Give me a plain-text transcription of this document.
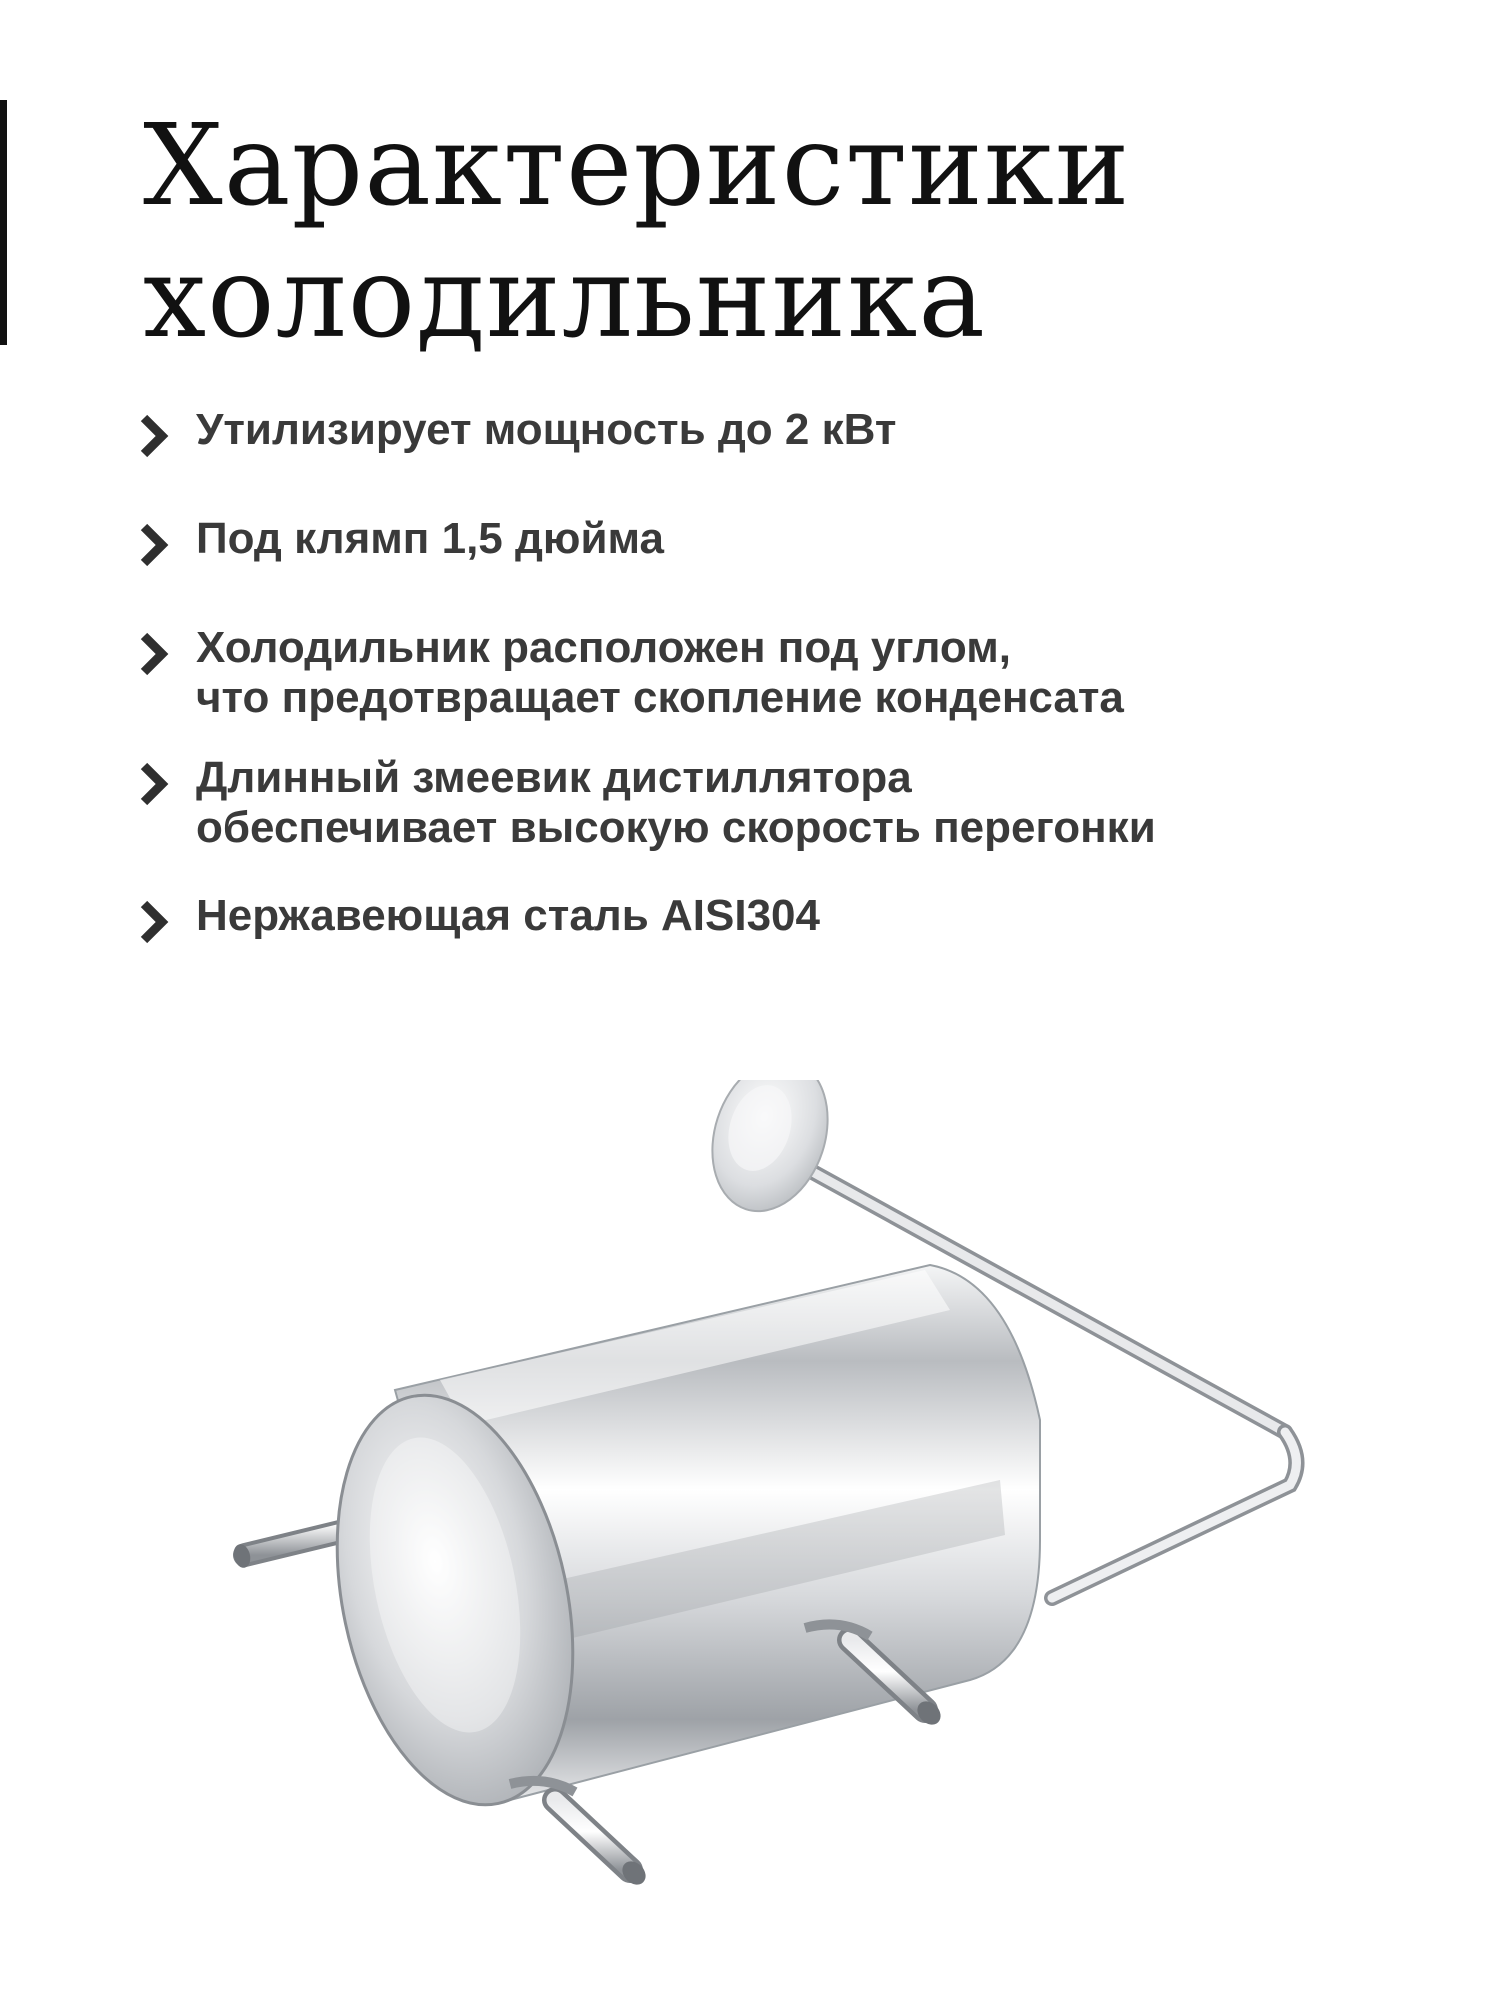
Характеристики
холодильника
Утилизирует мощность до 2 кВт
Под клямп 1,5 дюйма
Холодильник расположен под углом,
что предотвращает скопление конденсата
Длинный змеевик дистиллятора
обеспечивает высокую скорость перегонки
Нержавеющая сталь AISI304
